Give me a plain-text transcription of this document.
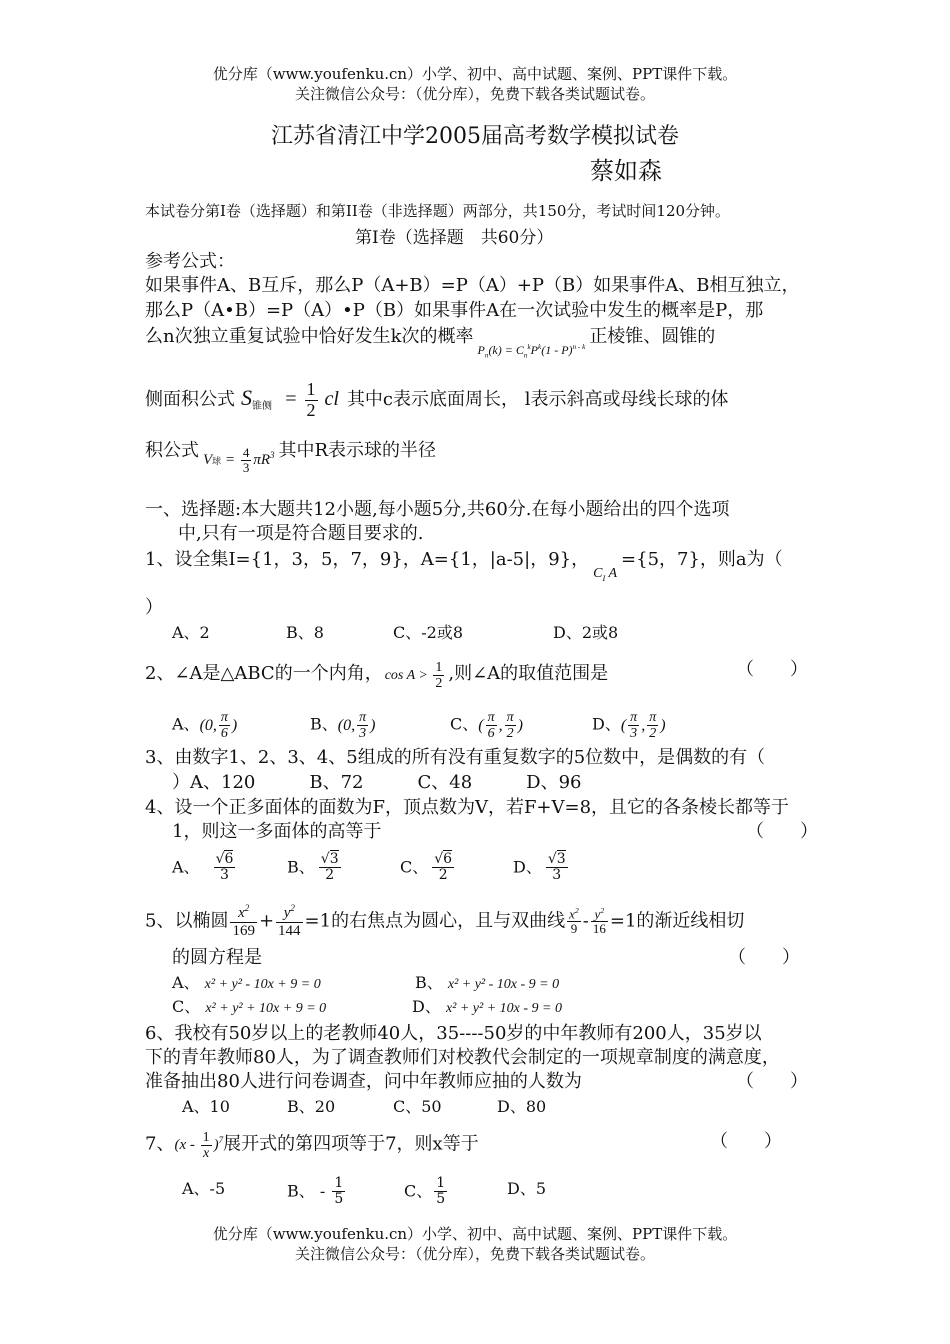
优分库（www.youfenku.cn）小学、初中、高中试题、案例、PPT课件下载。
关注微信公众号：（优分库），免费下载各类试题试卷。
江苏省清江中学2005届高考数学模拟试卷
蔡如森
本试卷分第Ⅰ卷（选择题）和第II卷（非选择题）两部分，共150分，考试时间120分钟。
第Ⅰ卷（选择题　共60分）
参考公式：
如果事件A、B互斥，那么P（A+B）=P（A）+P（B）如果事件A、B相互独立，
那么P（A•B）=P（A）•P（B）如果事件A在一次试验中发生的概率是P，那
么n次独立重复试验中恰好发生k次的概率$_{P_n(k) = C_n^kP^k(1 - P)^{n - k}}$ 正棱锥、圆锥的
侧面积公式 S锥侧 = $\frac{1}{2}$ cl 其中c表示底面周长， l表示斜高或母线长球的体
积公式 $_{V球 = \frac{4}{3} \pi R^3}$ 其中R表示球的半径
一、选择题:本大题共12小题,每小题5分,共60分.在每小题给出的四个选项
中,只有一项是符合题目要求的.
1、设全集I={1，3，5，7，9}，A={1，|a-5|，9}，$_{C_I A}$={5，7}，则a为（
）
A、2	B、8	C、-2或8	D、2或8
2、∠A是△ABC的一个内角， $\cos A > \frac{1}{2}$ ,则∠A的取值范围是	（　　）
A、(0, $\frac{\pi}{6}$ )	B、(0, $\frac{\pi}{3}$ )	C、( $\frac{\pi}{6}$ , $\frac{\pi}{2}$ )	D、( $\frac{\pi}{3}$ , $\frac{\pi}{2}$ )
3、由数字1、2、3、4、5组成的所有没有重复数字的5位数中，是偶数的有（
）A、120　　　B、72　　　C、48　　　D、96
4、设一个正多面体的面数为F，顶点数为V，若F+V=8，且它的各条棱长都等于
1，则这一多面体的高等于	（　　）
A、 $\frac{√6}{3}$	B、 $\frac{√3}{2}$	C、 $\frac{√6}{2}$	D、 $\frac{√3}{3}$
5、以椭圆 $\frac{x^2}{169} + \frac{y^2}{144} =1$的右焦点为圆心，且与双曲线 $\frac{x^2}{9} - \frac{y^2}{16} =1$的渐近线相切
的圆方程是	（　　）
A、 x² + y² - 10x + 9 = 0	B、 x² + y² - 10x - 9 = 0
C、 x² + y² + 10x + 9 = 0	D、 x² + y² + 10x - 9 = 0
6、我校有50岁以上的老教师40人，35----50岁的中年教师有200人，35岁以
下的青年教师80人，为了调查教师们对校教代会制定的一项规章制度的满意度，
准备抽出80人进行问卷调查，问中年教师应抽的人数为	（　　）
A、10	B、20	C、50	D、80
7、$(x - \frac{1}{x} )^7$展开式的第四项等于7，则x等于	（　　）
A、-5	B、 - $\frac{1}{5}$	C、 $\frac{1}{5}$	D、5
优分库（www.youfenku.cn）小学、初中、高中试题、案例、PPT课件下载。
关注微信公众号：（优分库），免费下载各类试题试卷。
